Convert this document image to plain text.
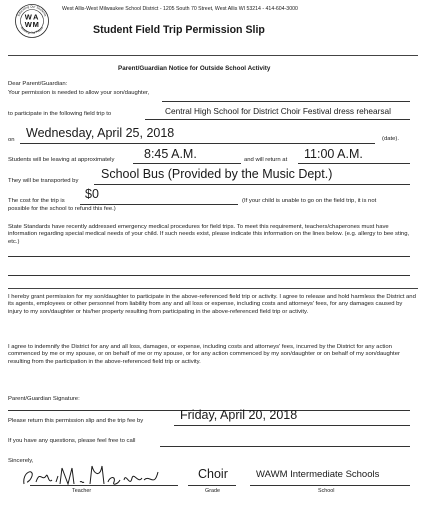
Educating Our Students
Building Our Future
W A
W M
West Allis-West Milwaukee School District - 1205 South 70 Street, West Allis WI 53214 - 414-604-3000
Student Field Trip Permission Slip
Parent/Guardian Notice for Outside School Activity
Dear Parent/Guardian:
Your permission is needed to allow your son/daughter,
to participate in the following field trip to	Central High School for District Choir Festival dress rehearsal
on Wednesday, April 25, 2018	(date).
Students will be leaving at approximately 8:45 A.M.	and will return at 11:00 A.M.
They will be transported by School Bus (Provided by the Music Dept.)
The cost for the trip is $0	(If your child is unable to go on the field trip, it is not
possible for the school to refund this fee.)
State Standards have recently addressed emergency medical procedures for field trips. To meet this requirement, teachers/chaperones must have information regarding special medical needs of your child. If such needs exist, please indicate this information on the lines below. (e.g. allergy to bee sting, etc.)
I hereby grant permission for my son/daughter to participate in the above-referenced field trip or activity. I agree to release and hold harmless the District and its agents, employees or other personnel from liability from any and all loss or expense, including costs and attorneys' fees, for any damages caused by injury to my son/daughter or his/her property resulting from participating in the above-referenced field trip or activity.
I agree to indemnify the District for any and all loss, damages, or expense, including costs and attorneys' fees, incurred by the District for any action commenced by me or my spouse, or on behalf of me or my spouse, or for any action commenced by my son/daughter or on behalf of my son/daughter resulting from the participation in the above-referenced field trip or activity.
Parent/Guardian Signature:
Please return this permission slip and the trip fee by	Friday, April 20, 2018
If you have any questions, please feel free to call
Sincerely,
Teacher
Choir
Grade
WAWM Intermediate Schools
School
